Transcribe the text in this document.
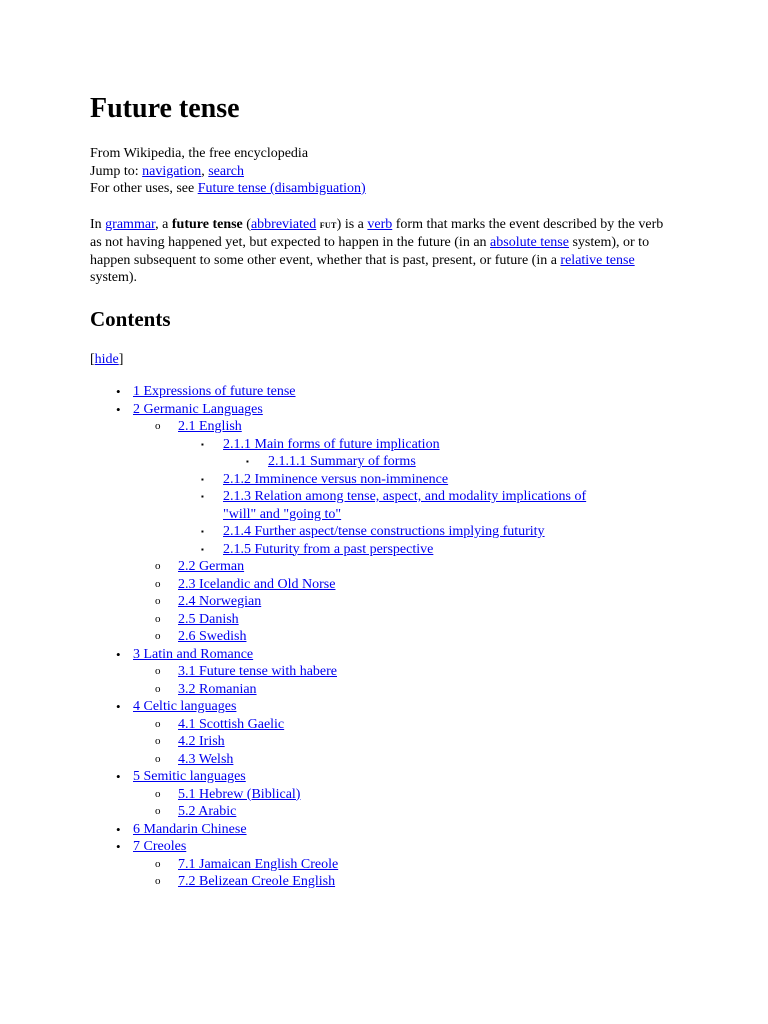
Future tense
From Wikipedia, the free encyclopedia
Jump to: navigation, search
For other uses, see Future tense (disambiguation)

In grammar, a future tense (abbreviated fut) is a verb form that marks the event described by the verb as not having happened yet, but expected to happen in the future (in an absolute tense system), or to happen subsequent to some other event, whether that is past, present, or future (in a relative tense system).

Contents
[hide]
• 1 Expressions of future tense
• 2 Germanic Languages
o 2.1 English
▪ 2.1.1 Main forms of future implication
▪ 2.1.1.1 Summary of forms
▪ 2.1.2 Imminence versus non-imminence
▪ 2.1.3 Relation among tense, aspect, and modality implications of "will" and "going to"
▪ 2.1.4 Further aspect/tense constructions implying futurity
▪ 2.1.5 Futurity from a past perspective
o 2.2 German
o 2.3 Icelandic and Old Norse
o 2.4 Norwegian
o 2.5 Danish
o 2.6 Swedish
• 3 Latin and Romance
o 3.1 Future tense with habere
o 3.2 Romanian
• 4 Celtic languages
o 4.1 Scottish Gaelic
o 4.2 Irish
o 4.3 Welsh
• 5 Semitic languages
o 5.1 Hebrew (Biblical)
o 5.2 Arabic
• 6 Mandarin Chinese
• 7 Creoles
o 7.1 Jamaican English Creole
o 7.2 Belizean Creole English
